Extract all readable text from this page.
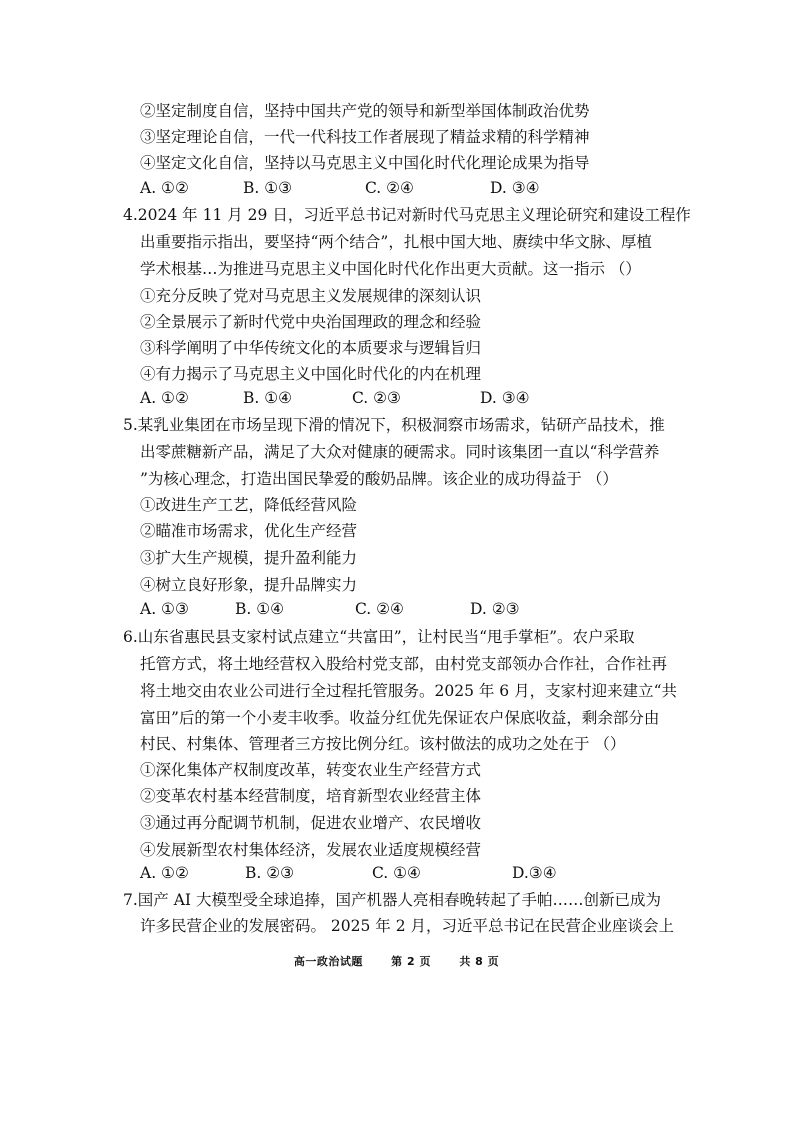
②坚定制度自信，坚持中国共产党的领导和新型举国体制政治优势
③坚定理论自信，一代一代科技工作者展现了精益求精的科学精神
④坚定文化自信，坚持以马克思主义中国化时代化理论成果为指导
A. ①②	B. ①③	C. ②④	D. ③④
4.2024 年 11 月 29 日，习近平总书记对新时代马克思主义理论研究和建设工程作
出重要指示指出，要坚持“两个结合”，扎根中国大地、赓续中华文脉、厚植
学术根基…为推进马克思主义中国化时代化作出更大贡献。这一指示 （）
①充分反映了党对马克思主义发展规律的深刻认识
②全景展示了新时代党中央治国理政的理念和经验
③科学阐明了中华传统文化的本质要求与逻辑旨归
④有力揭示了马克思主义中国化时代化的内在机理
A. ①②	B. ①④	C. ②③	D. ③④
5.某乳业集团在市场呈现下滑的情况下，积极洞察市场需求，钻研产品技术，推
出零蔗糖新产品，满足了大众对健康的硬需求。同时该集团一直以“科学营养
”为核心理念，打造出国民挚爱的酸奶品牌。该企业的成功得益于 （）
①改进生产工艺，降低经营风险
②瞄准市场需求，优化生产经营
③扩大生产规模，提升盈利能力
④树立良好形象，提升品牌实力
A. ①③	B. ①④	C. ②④	D. ②③
6.山东省惠民县支家村试点建立“共富田”，让村民当“甩手掌柜”。农户采取
托管方式，将土地经营权入股给村党支部，由村党支部领办合作社，合作社再
将土地交由农业公司进行全过程托管服务。2025 年 6 月，支家村迎来建立“共
富田”后的第一个小麦丰收季。收益分红优先保证农户保底收益，剩余部分由
村民、村集体、管理者三方按比例分红。该村做法的成功之处在于 （）
①深化集体产权制度改革，转变农业生产经营方式
②变革农村基本经营制度，培育新型农业经营主体
③通过再分配调节机制，促进农业增产、农民增收
④发展新型农村集体经济，发展农业适度规模经营
A. ①②	B. ②③	C. ①④	D.③④
7.国产 AI 大模型受全球追捧，国产机器人亮相春晚转起了手帕……创新已成为
许多民营企业的发展密码。 2025 年 2 月，习近平总书记在民营企业座谈会上
高一政治试题	第 2 页	共 8 页
